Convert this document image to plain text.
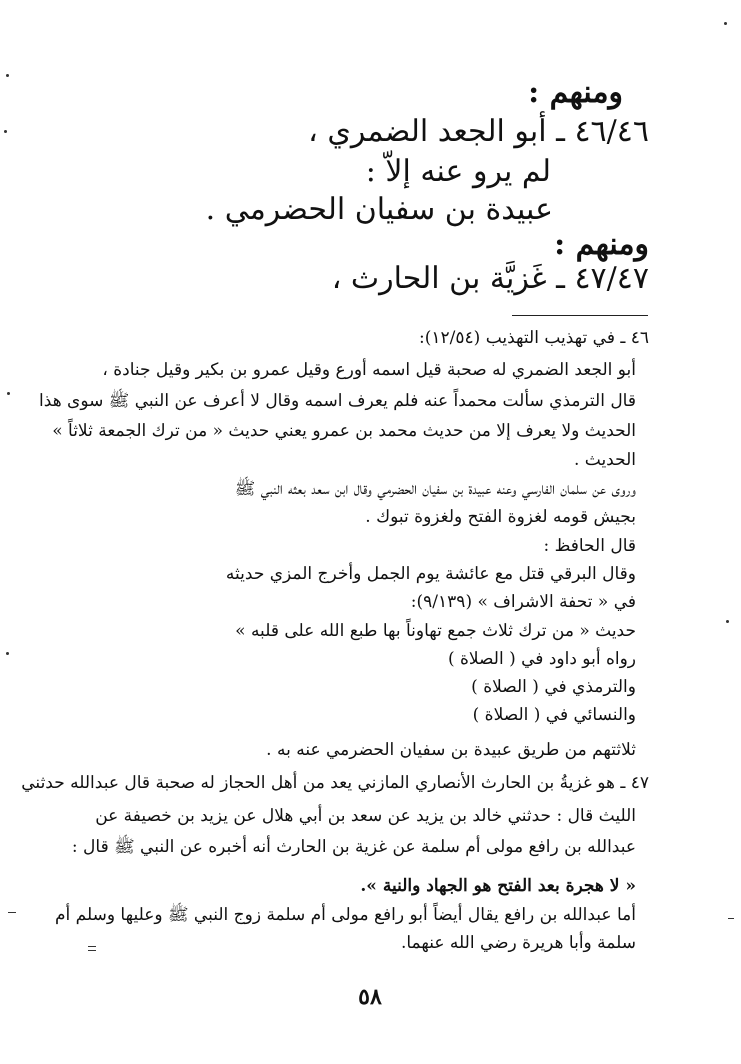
ومنهم :
٤٦/٤٦ ـ أبو الجعد الضمري ،
لم يرو عنه إلاّ :
عبيدة بن سفيان الحضرمي .
ومنهم :
٤٧/٤٧ ـ غَزيَّة بن الحارث ،
٤٦ ـ في تهذيب التهذيب (١٢/٥٤):
أبو الجعد الضمري له صحبة قيل اسمه أورع وقيل عمرو بن بكير وقيل جنادة ،
قال الترمذي سألت محمداً عنه فلم يعرف اسمه وقال لا أعرف عن النبي ﷺ سوى هذا
الحديث ولا يعرف إلا من حديث محمد بن عمرو يعني حديث « من ترك الجمعة ثلاثاً »
الحديث .
وروى عن سلمان الفارسي وعنه عبيدة بن سفيان الحضرمي وقال ابن سعد بعثه النبي ﷺ
بجيش قومه لغزوة الفتح ولغزوة تبوك .
قال الحافظ :
وقال البرقي قتل مع عائشة يوم الجمل وأخرج المزي حديثه
في « تحفة الاشراف » (٩/١٣٩):
حديث « من ترك ثلاث جمع تهاوناً بها طبع الله على قلبه »
رواه أبو داود في ( الصلاة )
والترمذي في ( الصلاة )
والنسائي في ( الصلاة )
ثلاثتهم من طريق عبيدة بن سفيان الحضرمي عنه به .
٤٧ ـ هو غزيةُ بن الحارث الأنصاري المازني يعد من أهل الحجاز له صحبة قال عبدالله حدثني
الليث قال : حدثني خالد بن يزيد عن سعد بن أبي هلال عن يزيد بن خصيفة عن
عبدالله بن رافع مولى أم سلمة عن غزية بن الحارث أنه أخبره عن النبي ﷺ قال :
« لا هجرة بعد الفتح هو الجهاد والنية ».
أما عبدالله بن رافع يقال أيضاً أبو رافع مولى أم سلمة زوج النبي ﷺ وعليها وسلم أم
سلمة وأبا هريرة رضي الله عنهما.
٥٨
